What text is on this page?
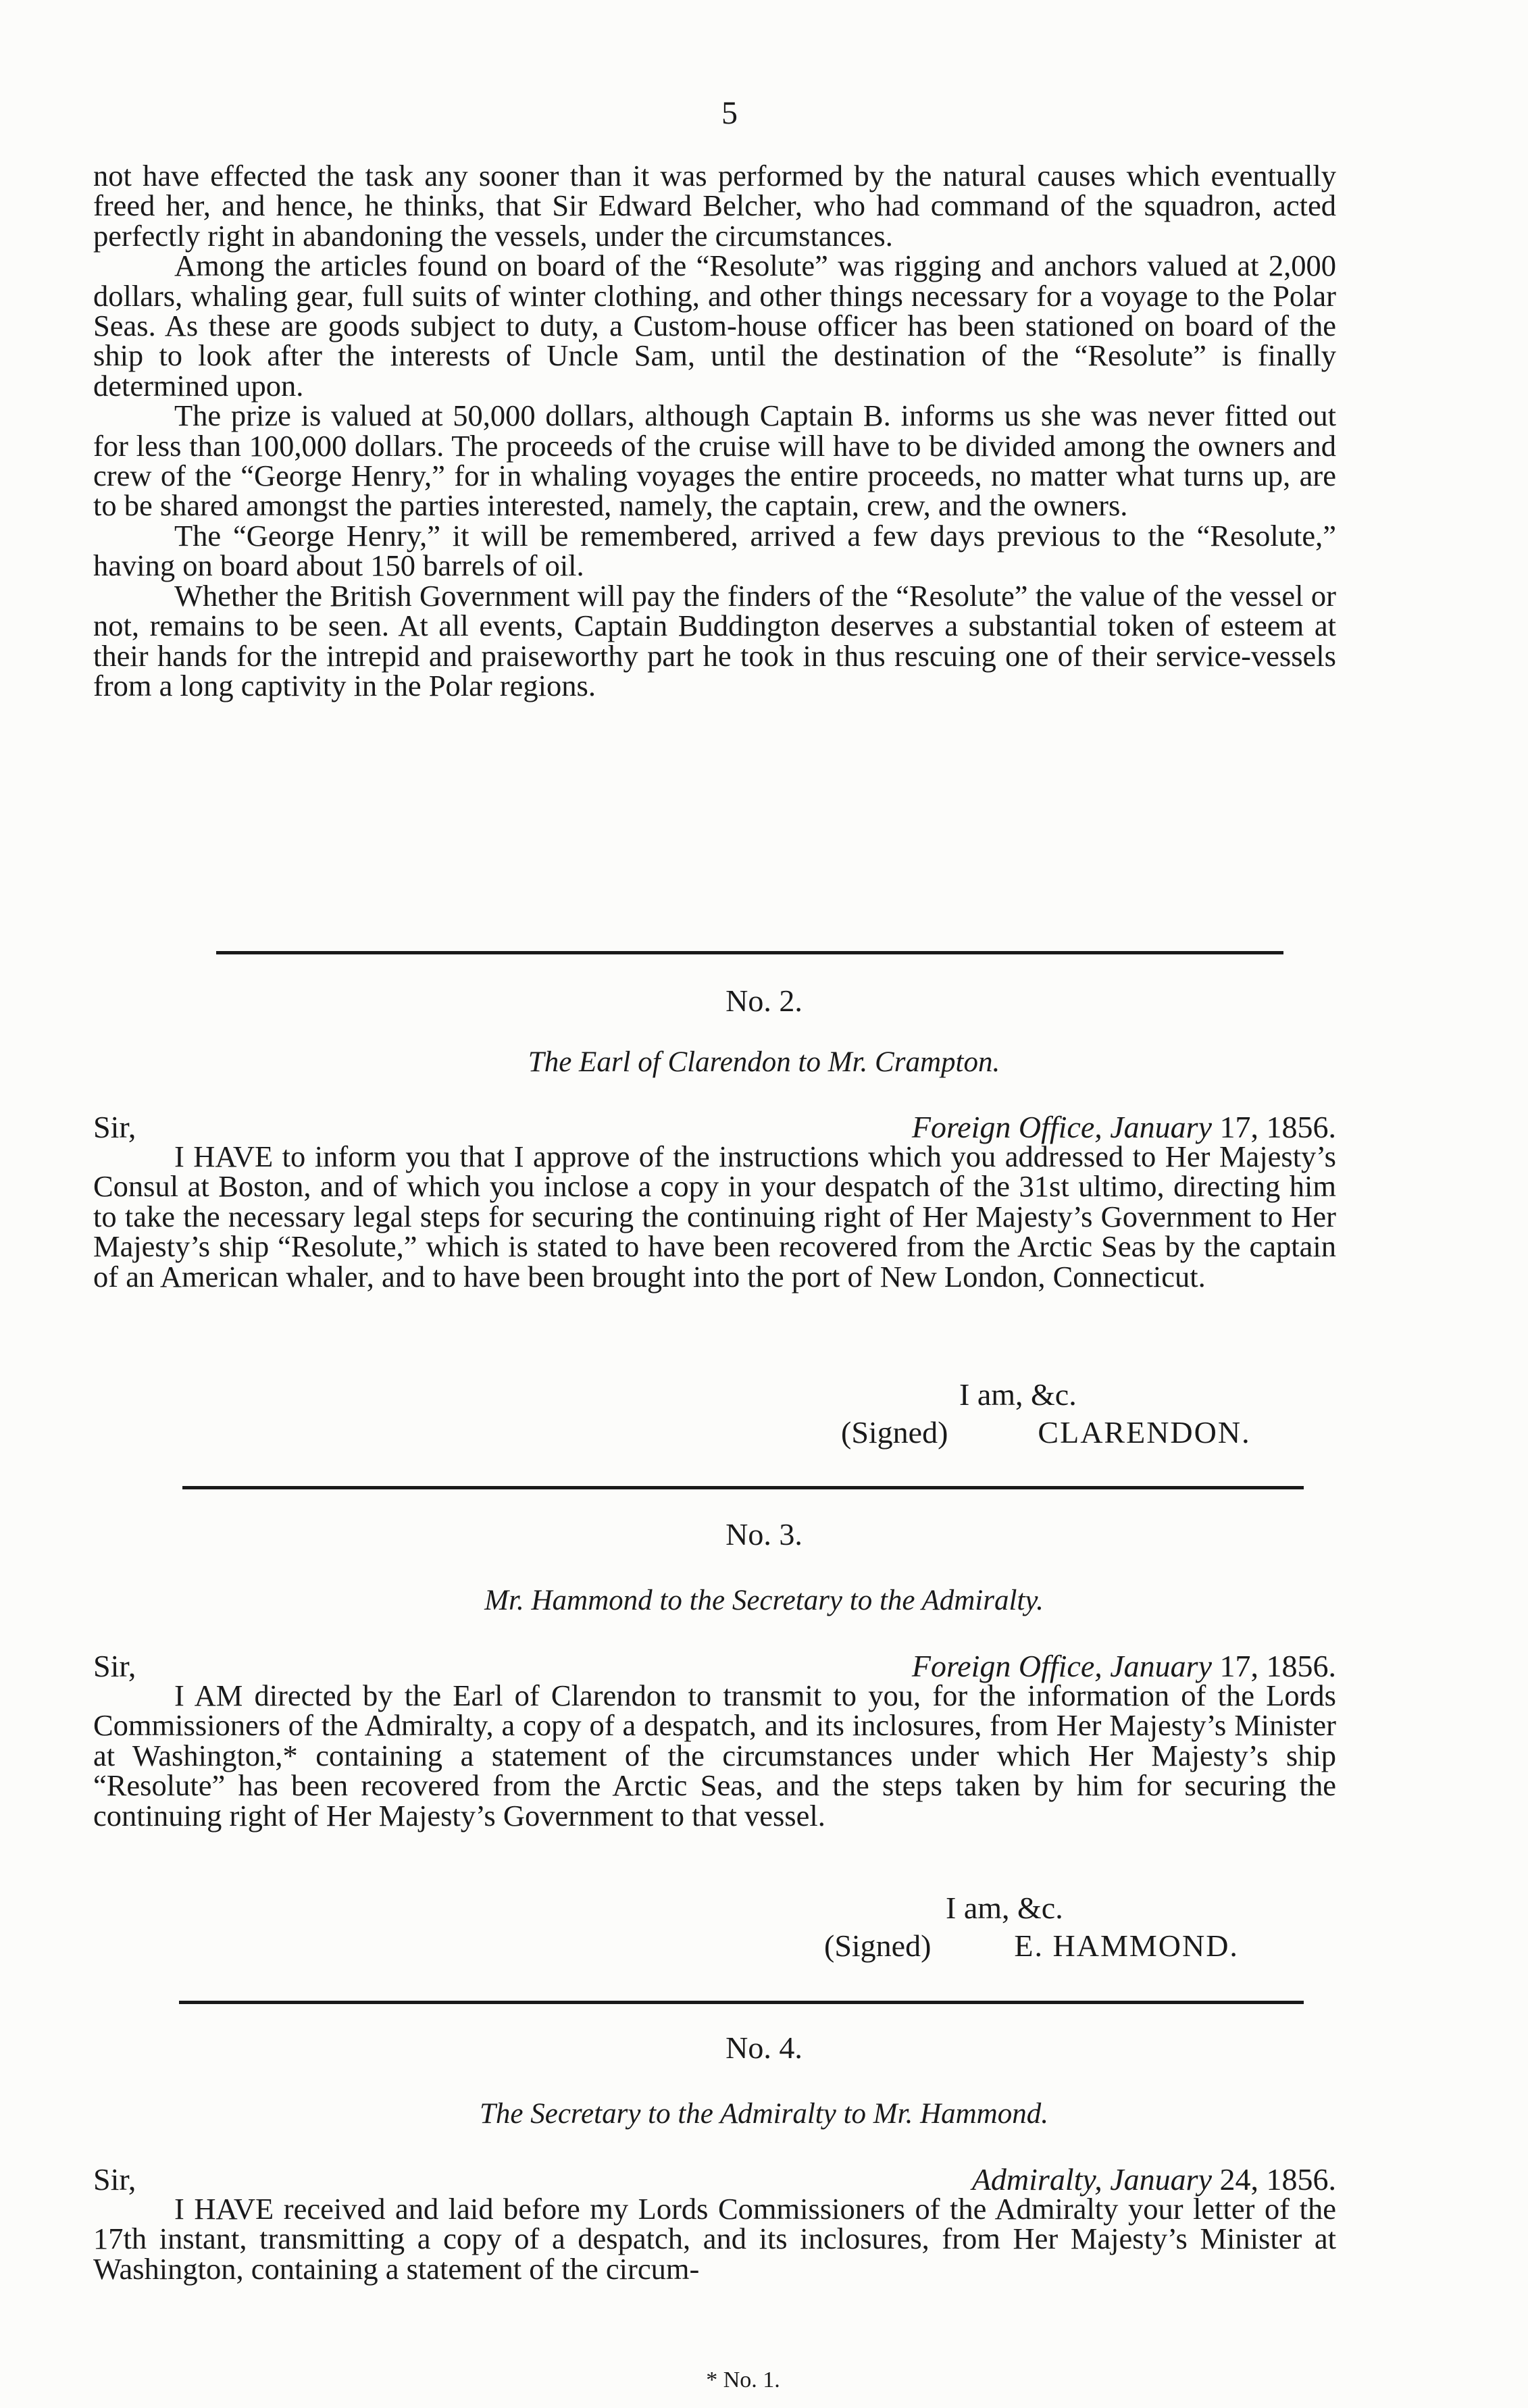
5

not have effected the task any sooner than it was performed by the natural causes which eventually freed her, and hence, he thinks, that Sir Edward Belcher, who had command of the squadron, acted perfectly right in abandoning the vessels, under the circumstances.

Among the articles found on board of the “Resolute” was rigging and anchors valued at 2,000 dollars, whaling gear, full suits of winter clothing, and other things necessary for a voyage to the Polar Seas. As these are goods subject to duty, a Custom-house officer has been stationed on board of the ship to look after the interests of Uncle Sam, until the destination of the “Resolute” is finally determined upon.

The prize is valued at 50,000 dollars, although Captain B. informs us she was never fitted out for less than 100,000 dollars. The proceeds of the cruise will have to be divided among the owners and crew of the “George Henry,” for in whaling voyages the entire proceeds, no matter what turns up, are to be shared amongst the parties interested, namely, the captain, crew, and the owners.

The “George Henry,” it will be remembered, arrived a few days previous to the “Resolute,” having on board about 150 barrels of oil.

Whether the British Government will pay the finders of the “Resolute” the value of the vessel or not, remains to be seen. At all events, Captain Buddington deserves a substantial token of esteem at their hands for the intrepid and praiseworthy part he took in thus rescuing one of their service-vessels from a long captivity in the Polar regions.

No. 2.
The Earl of Clarendon to Mr. Crampton.
Sir,	Foreign Office, January 17, 1856.

I HAVE to inform you that I approve of the instructions which you addressed to Her Majesty’s Consul at Boston, and of which you inclose a copy in your despatch of the 31st ultimo, directing him to take the necessary legal steps for securing the continuing right of Her Majesty’s Government to Her Majesty’s ship “Resolute,” which is stated to have been recovered from the Arctic Seas by the captain of an American whaler, and to have been brought into the port of New London, Connecticut.

I am, &c.
(Signed)	CLARENDON.
No. 3.
Mr. Hammond to the Secretary to the Admiralty.
Sir,	Foreign Office, January 17, 1856.

I AM directed by the Earl of Clarendon to transmit to you, for the information of the Lords Commissioners of the Admiralty, a copy of a despatch, and its inclosures, from Her Majesty’s Minister at Washington,* containing a statement of the circumstances under which Her Majesty’s ship “Resolute” has been recovered from the Arctic Seas, and the steps taken by him for securing the continuing right of Her Majesty’s Government to that vessel.

I am, &c.
(Signed)	E. HAMMOND.
No. 4.
The Secretary to the Admiralty to Mr. Hammond.
Sir,	Admiralty, January 24, 1856.

I HAVE received and laid before my Lords Commissioners of the Admiralty your letter of the 17th instant, transmitting a copy of a despatch, and its inclosures, from Her Majesty’s Minister at Washington, containing a statement of the circum-

* No. 1.
